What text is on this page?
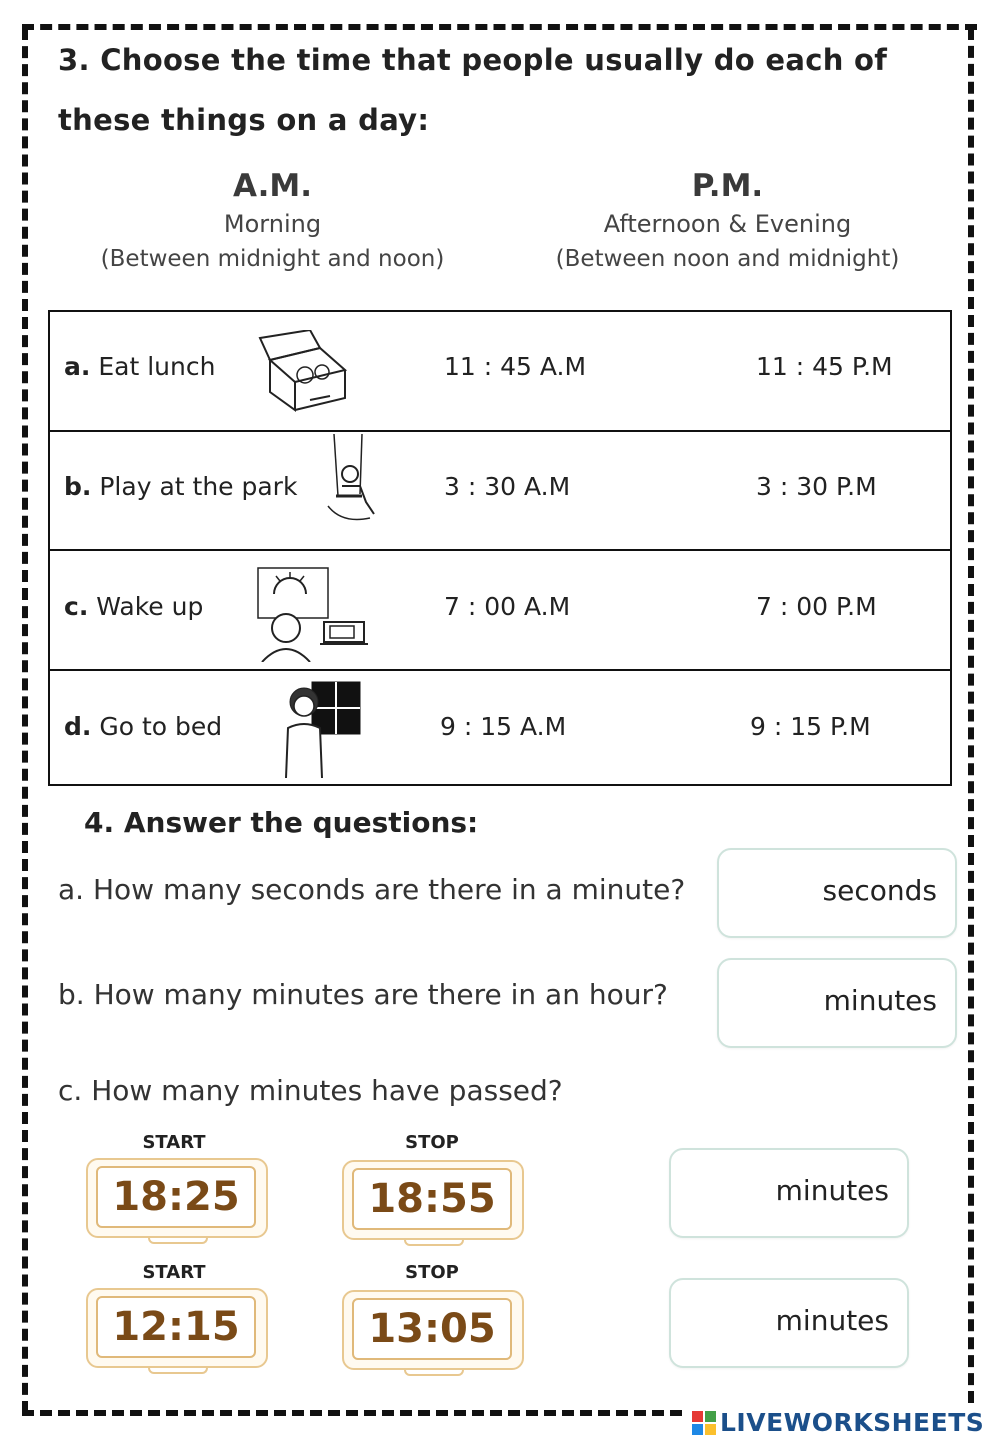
3. Choose the time that people usually do each of these things on a day:
A.M.
Morning
(Between midnight and noon)
P.M.
Afternoon & Evening
(Between noon and midnight)
a. Eat lunch	11 : 45 A.M	11 : 45 P.M
b. Play at the park	3 : 30 A.M	3 : 30 P.M
c. Wake up	7 : 00 A.M	7 : 00 P.M
d. Go to bed	9 : 15 A.M	9 : 15 P.M
4. Answer the questions:
a. How many seconds are there in a minute?	seconds
b. How many minutes are there in an hour?	minutes
c. How many minutes have passed?
START
18:25
STOP
18:55	minutes
START
12:15
STOP
13:05	minutes
LIVEWORKSHEETS
